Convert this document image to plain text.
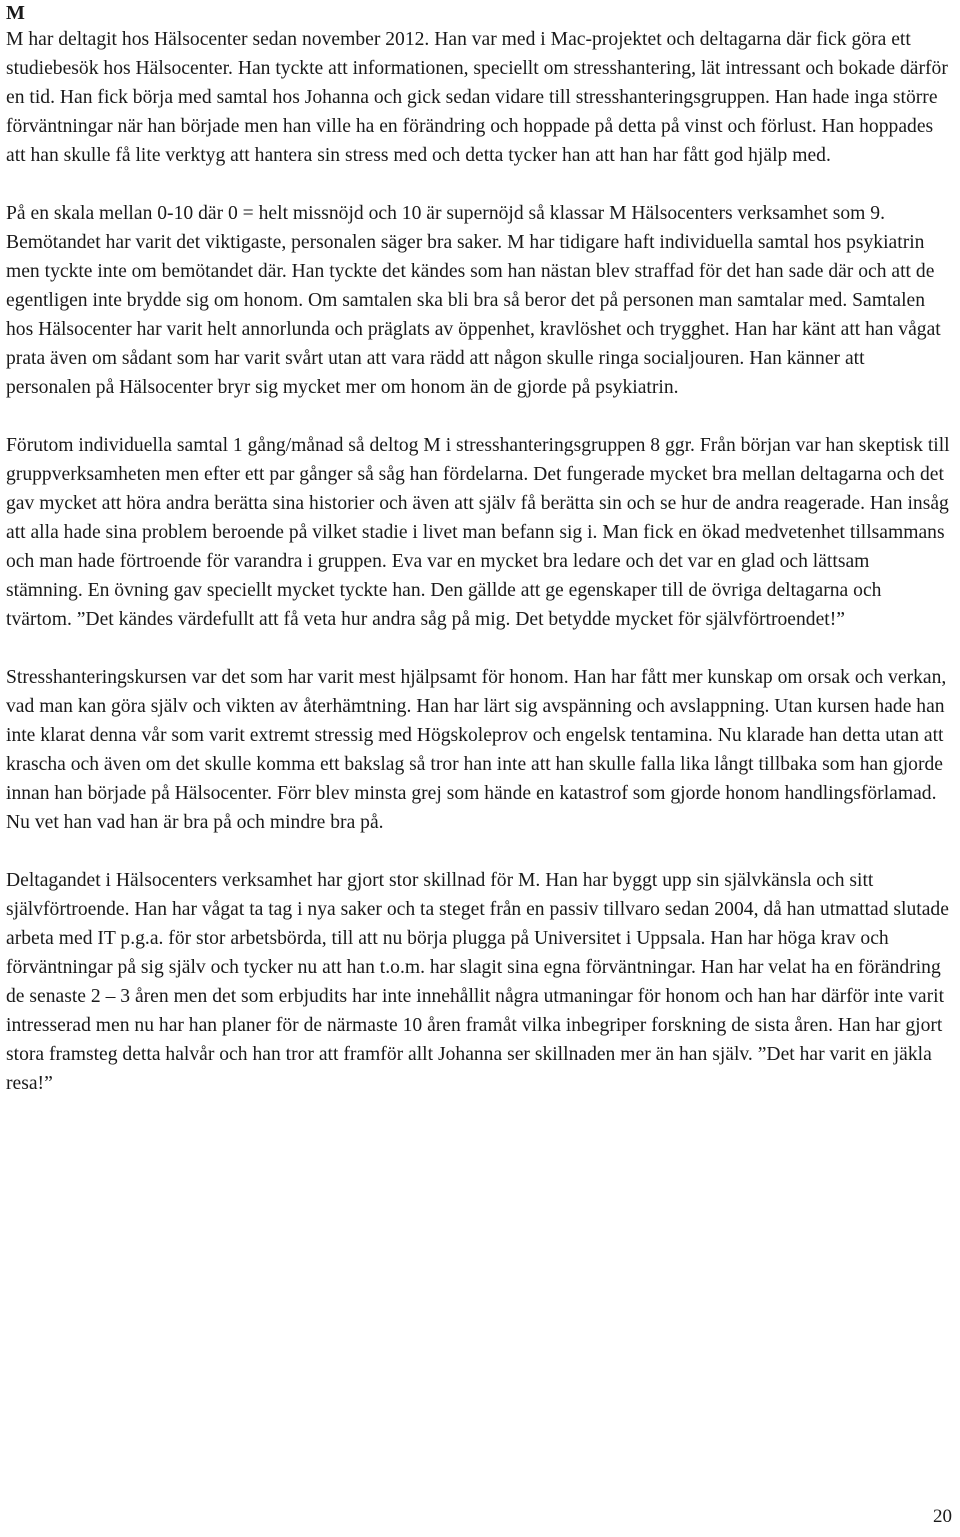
M

M har deltagit hos Hälsocenter sedan november 2012. Han var med i Mac-projektet och deltagarna där fick göra ett studiebesök hos Hälsocenter. Han tyckte att informationen, speciellt om stresshantering, lät intressant och bokade därför en tid. Han fick börja med samtal hos Johanna och gick sedan vidare till stresshanteringsgruppen. Han hade inga större förväntningar när han började men han ville ha en förändring och hoppade på detta på vinst och förlust. Han hoppades att han skulle få lite verktyg att hantera sin stress med och detta tycker han att han har fått god hjälp med.

På en skala mellan 0-10 där 0 = helt missnöjd och 10 är supernöjd så klassar M Hälsocenters verksamhet som 9. Bemötandet har varit det viktigaste, personalen säger bra saker. M har tidigare haft individuella samtal hos psykiatrin men tyckte inte om bemötandet där. Han tyckte det kändes som han nästan blev straffad för det han sade där och att de egentligen inte brydde sig om honom. Om samtalen ska bli bra så beror det på personen man samtalar med. Samtalen hos Hälsocenter har varit helt annorlunda och präglats av öppenhet, kravlöshet och trygghet. Han har känt att han vågat prata även om sådant som har varit svårt utan att vara rädd att någon skulle ringa socialjouren. Han känner att personalen på Hälsocenter bryr sig mycket mer om honom än de gjorde på psykiatrin.

Förutom individuella samtal 1 gång/månad så deltog M i stresshanteringsgruppen 8 ggr. Från början var han skeptisk till gruppverksamheten men efter ett par gånger så såg han fördelarna. Det fungerade mycket bra mellan deltagarna och det gav mycket att höra andra berätta sina historier och även att själv få berätta sin och se hur de andra reagerade. Han insåg att alla hade sina problem beroende på vilket stadie i livet man befann sig i. Man fick en ökad medvetenhet tillsammans och man hade förtroende för varandra i gruppen. Eva var en mycket bra ledare och det var en glad och lättsam stämning. En övning gav speciellt mycket tyckte han. Den gällde att ge egenskaper till de övriga deltagarna och tvärtom. ”Det kändes värdefullt att få veta hur andra såg på mig. Det betydde mycket för självförtroendet!”

Stresshanteringskursen var det som har varit mest hjälpsamt för honom. Han har fått mer kunskap om orsak och verkan, vad man kan göra själv och vikten av återhämtning. Han har lärt sig avspänning och avslappning. Utan kursen hade han inte klarat denna vår som varit extremt stressig med Högskoleprov och engelsk tentamina. Nu klarade han detta utan att krascha och även om det skulle komma ett bakslag så tror han inte att han skulle falla lika långt tillbaka som han gjorde innan han började på Hälsocenter. Förr blev minsta grej som hände en katastrof som gjorde honom handlingsförlamad. Nu vet han vad han är bra på och mindre bra på.

Deltagandet i Hälsocenters verksamhet har gjort stor skillnad för M. Han har byggt upp sin självkänsla och sitt självförtroende. Han har vågat ta tag i nya saker och ta steget från en passiv tillvaro sedan 2004, då han utmattad slutade arbeta med IT p.g.a. för stor arbetsbörda, till att nu börja plugga på Universitet i Uppsala. Han har höga krav och förväntningar på sig själv och tycker nu att han t.o.m. har slagit sina egna förväntningar. Han har velat ha en förändring de senaste 2 – 3 åren men det som erbjudits har inte innehållit några utmaningar för honom och han har därför inte varit intresserad men nu har han planer för de närmaste 10 åren framåt vilka inbegriper forskning de sista åren. Han har gjort stora framsteg detta halvår och han tror att framför allt Johanna ser skillnaden mer än han själv. ”Det har varit en jäkla resa!”

20
